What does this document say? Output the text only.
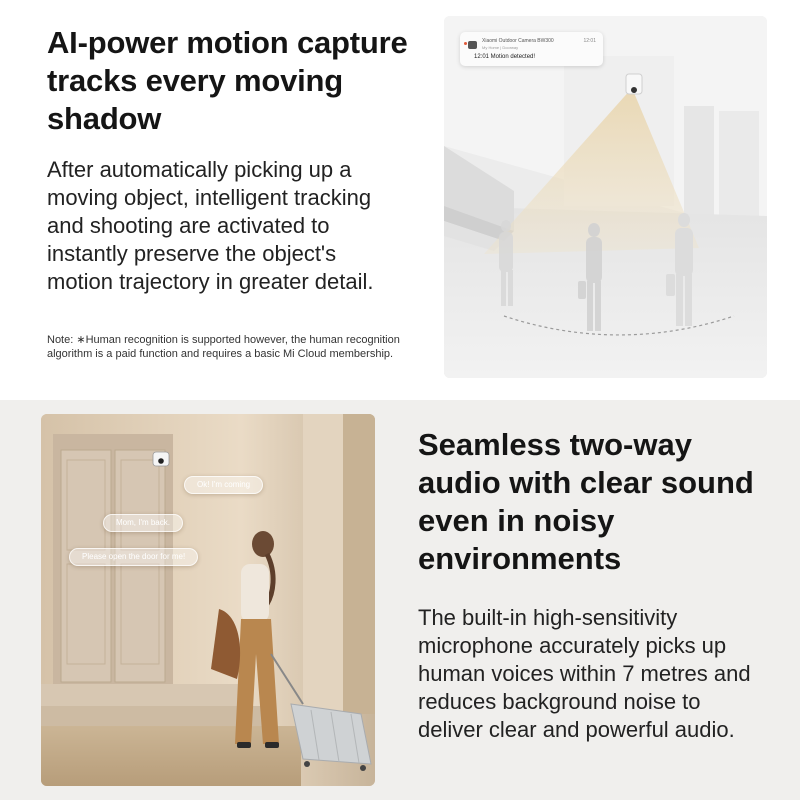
AI-power motion capture tracks every moving shadow

After automatically picking up a moving object, intelligent tracking and shooting are activated to instantly preserve the object's motion trajectory in greater detail.

Note: ∗Human recognition is supported however, the human recognition algorithm is a paid function and requires a basic Mi Cloud membership.

Xiaomi Outdoor Camera BW300	12:01
My Home | Doorway
12:01 Motion detected!
Ok! I'm coming
Mom, I'm back.
Please open the door for me!
Seamless two-way audio with clear sound even in noisy environments

The built-in high-sensitivity microphone accurately picks up human voices within 7 metres and reduces background noise to deliver clear and powerful audio.
